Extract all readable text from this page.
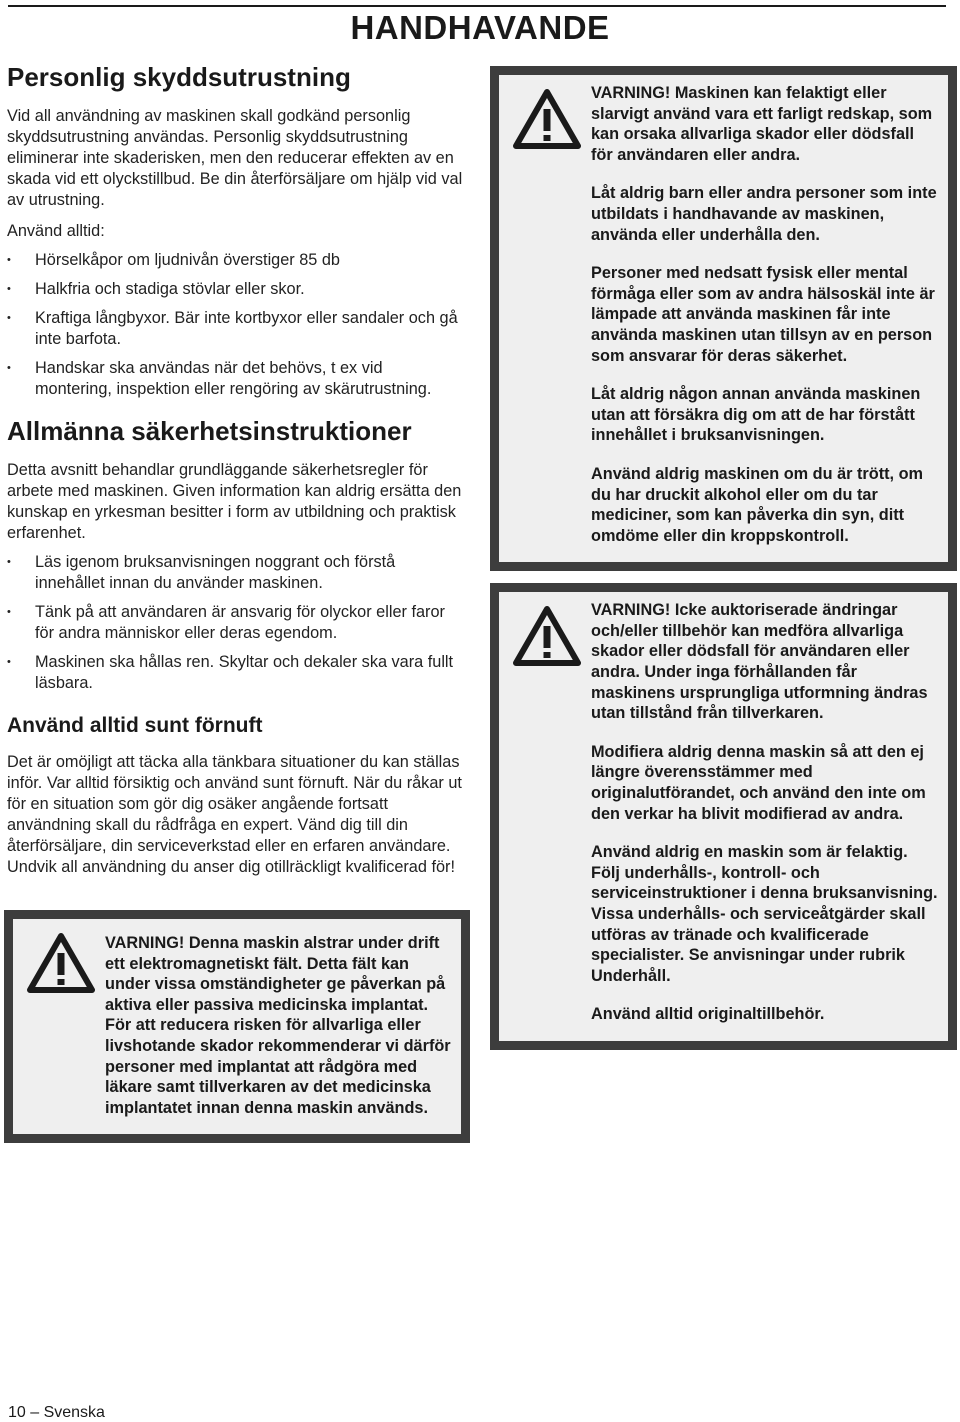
HANDHAVANDE
Personlig skyddsutrustning

Vid all användning av maskinen skall godkänd personlig skyddsutrustning användas. Personlig skyddsutrustning eliminerar inte skaderisken, men den reducerar effekten av en skada vid ett olyckstillbud. Be din återförsäljare om hjälp vid val av utrustning.

Använd alltid:

• Hörselkåpor om ljudnivån överstiger 85 db
• Halkfria och stadiga stövlar eller skor.
• Kraftiga långbyxor. Bär inte kortbyxor eller sandaler och gå inte barfota.
• Handskar ska användas när det behövs, t ex vid montering, inspektion eller rengöring av skärutrustning.
Allmänna säkerhetsinstruktioner

Detta avsnitt behandlar grundläggande säkerhetsregler för arbete med maskinen. Given information kan aldrig ersätta den kunskap en yrkesman besitter i form av utbildning och praktisk erfarenhet.

• Läs igenom bruksanvisningen noggrant och förstå innehållet innan du använder maskinen.
• Tänk på att användaren är ansvarig för olyckor eller faror för andra människor eller deras egendom.
• Maskinen ska hållas ren. Skyltar och dekaler ska vara fullt läsbara.
Använd alltid sunt förnuft

Det är omöjligt att täcka alla tänkbara situationer du kan ställas inför. Var alltid försiktig och använd sunt förnuft. När du råkar ut för en situation som gör dig osäker angående fortsatt användning skall du rådfråga en expert. Vänd dig till din återförsäljare, din serviceverkstad eller en erfaren användare. Undvik all användning du anser dig otillräckligt kvalificerad för!

VARNING! Denna maskin alstrar under drift ett elektromagnetiskt fält. Detta fält kan under vissa omständigheter ge påverkan på aktiva eller passiva medicinska implantat. För att reducera risken för allvarliga eller livshotande skador rekommenderar vi därför personer med implantat att rådgöra med läkare samt tillverkaren av det medicinska implantatet innan denna maskin används.

VARNING! Maskinen kan felaktigt eller slarvigt använd vara ett farligt redskap, som kan orsaka allvarliga skador eller dödsfall för användaren eller andra.

Låt aldrig barn eller andra personer som inte utbildats i handhavande av maskinen, använda eller underhålla den.

Personer med nedsatt fysisk eller mental förmåga eller som av andra hälsoskäl inte är lämpade att använda maskinen får inte använda maskinen utan tillsyn av en person som ansvarar för deras säkerhet.

Låt aldrig någon annan använda maskinen utan att försäkra dig om att de har förstått innehållet i bruksanvisningen.

Använd aldrig maskinen om du är trött, om du har druckit alkohol eller om du tar mediciner, som kan påverka din syn, ditt omdöme eller din kroppskontroll.

VARNING! Icke auktoriserade ändringar och/eller tillbehör kan medföra allvarliga skador eller dödsfall för användaren eller andra. Under inga förhållanden får maskinens ursprungliga utformning ändras utan tillstånd från tillverkaren.

Modifiera aldrig denna maskin så att den ej längre överensstämmer med originalutförandet, och använd den inte om den verkar ha blivit modifierad av andra.

Använd aldrig en maskin som är felaktig. Följ underhålls-, kontroll- och serviceinstruktioner i denna bruksanvisning. Vissa underhålls- och serviceåtgärder skall utföras av tränade och kvalificerade specialister. Se anvisningar under rubrik Underhåll.

Använd alltid originaltillbehör.

10 – Svenska
